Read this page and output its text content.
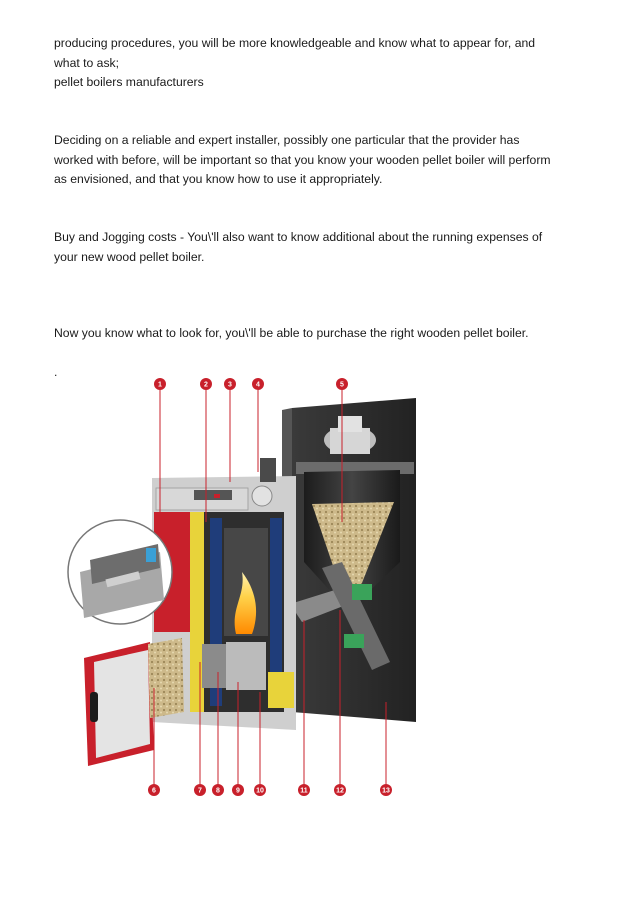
producing procedures, you will be more knowledgeable and know what to appear for, and
what to ask;
pellet boilers manufacturers

Deciding on a reliable and expert installer, possibly one particular that the provider has
worked with before, will be important so that you know your wooden pellet boiler will perform
as envisioned, and that you know how to use it appropriately.

Buy and Jogging costs - You\'ll also want to know additional about the running expenses of
your new wood pellet boiler.

Now you know what to look for, you\'ll be able to purchase the right wooden pellet boiler.

.

1	2	3	4	5
6	7 8 9 10	11	12	13
